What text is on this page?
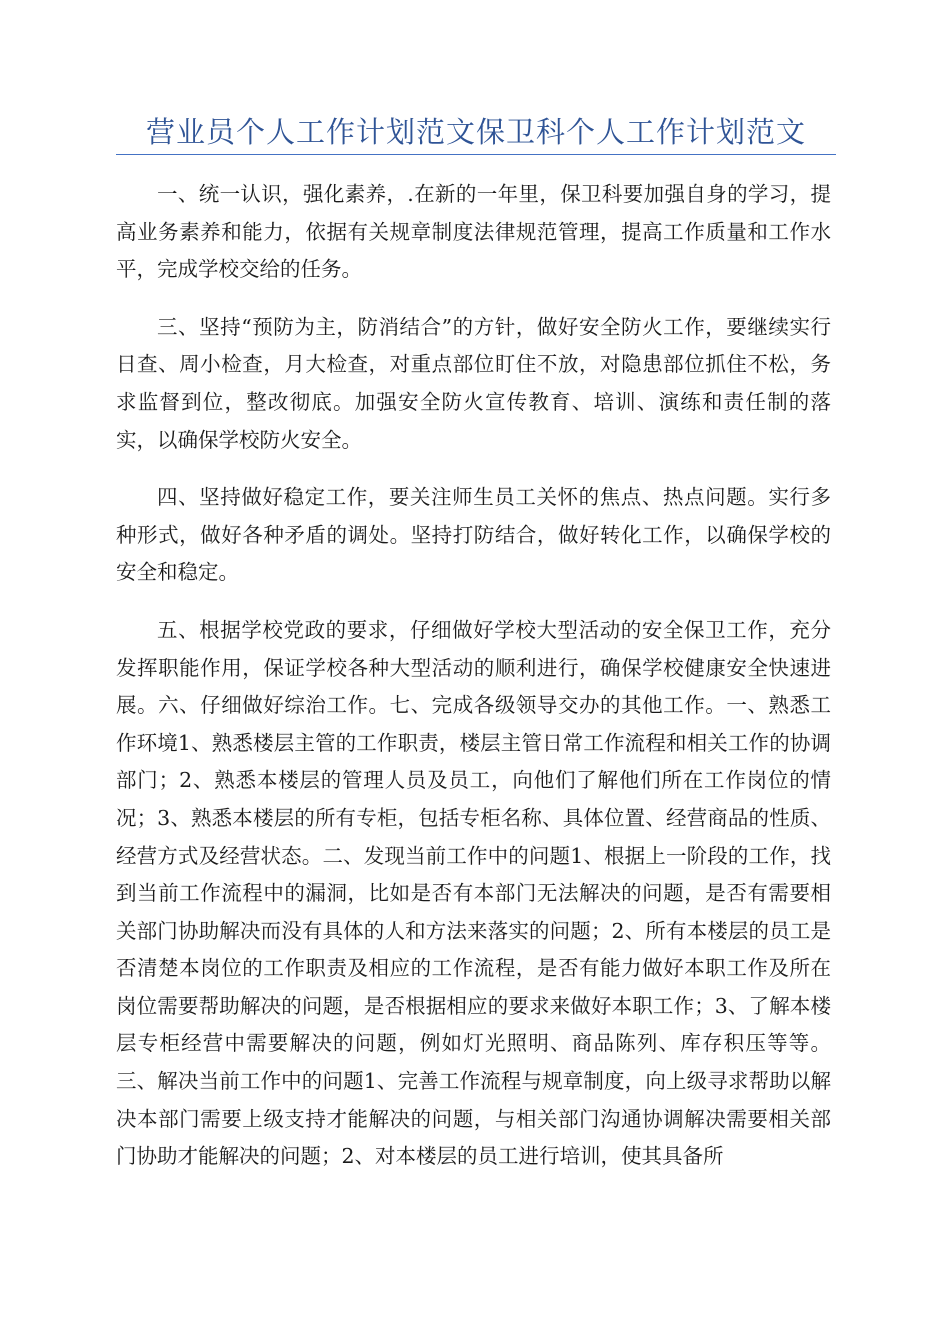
营业员个人工作计划范文保卫科个人工作计划范文

一、统一认识，强化素养，.在新的一年里，保卫科要加强自身的学习，提高业务素养和能力，依据有关规章制度法律规范管理，提高工作质量和工作水平，完成学校交给的任务。

三、坚持“预防为主，防消结合”的方针，做好安全防火工作，要继续实行日查、周小检查，月大检查，对重点部位盯住不放，对隐患部位抓住不松，务求监督到位，整改彻底。加强安全防火宣传教育、培训、演练和责任制的落实，以确保学校防火安全。

四、坚持做好稳定工作，要关注师生员工关怀的焦点、热点问题。实行多种形式，做好各种矛盾的调处。坚持打防结合，做好转化工作，以确保学校的安全和稳定。

五、根据学校党政的要求，仔细做好学校大型活动的安全保卫工作，充分发挥职能作用，保证学校各种大型活动的顺利进行，确保学校健康安全快速进展。六、仔细做好综治工作。七、完成各级领导交办的其他工作。一、熟悉工作环境1、熟悉楼层主管的工作职责，楼层主管日常工作流程和相关工作的协调部门；2、熟悉本楼层的管理人员及员工，向他们了解他们所在工作岗位的情况；3、熟悉本楼层的所有专柜，包括专柜名称、具体位置、经营商品的性质、经营方式及经营状态。二、发现当前工作中的问题1、根据上一阶段的工作，找到当前工作流程中的漏洞，比如是否有本部门无法解决的问题，是否有需要相关部门协助解决而没有具体的人和方法来落实的问题；2、所有本楼层的员工是否清楚本岗位的工作职责及相应的工作流程，是否有能力做好本职工作及所在岗位需要帮助解决的问题，是否根据相应的要求来做好本职工作；3、了解本楼层专柜经营中需要解决的问题，例如灯光照明、商品陈列、库存积压等等。三、解决当前工作中的问题1、完善工作流程与规章制度，向上级寻求帮助以解决本部门需要上级支持才能解决的问题，与相关部门沟通协调解决需要相关部门协助才能解决的问题；2、对本楼层的员工进行培训，使其具备所
